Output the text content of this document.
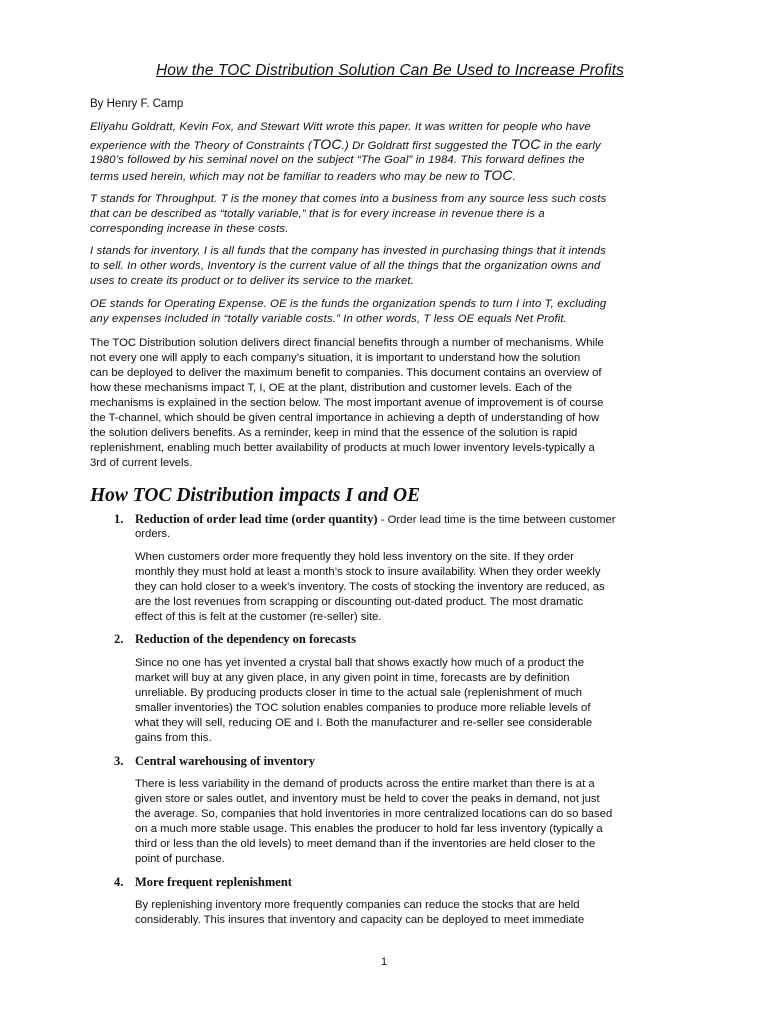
How the TOC Distribution Solution Can Be Used to Increase Profits
By Henry F. Camp
Eliyahu Goldratt, Kevin Fox, and Stewart Witt wrote this paper. It was written for people who have
experience with the Theory of Constraints (TOC.) Dr Goldratt first suggested the TOC in the early
1980’s followed by his seminal novel on the subject “The Goal” in 1984. This forward defines the
terms used herein, which may not be familiar to readers who may be new to TOC.
T stands for Throughput. T is the money that comes into a business from any source less such costs
that can be described as “totally variable,” that is for every increase in revenue there is a
corresponding increase in these costs.
I stands for inventory. I is all funds that the company has invested in purchasing things that it intends
to sell. In other words, Inventory is the current value of all the things that the organization owns and
uses to create its product or to deliver its service to the market.
OE stands for Operating Expense. OE is the funds the organization spends to turn I into T, excluding
any expenses included in “totally variable costs.” In other words, T less OE equals Net Profit.
The TOC Distribution solution delivers direct financial benefits through a number of mechanisms. While
not every one will apply to each company’s situation, it is important to understand how the solution
can be deployed to deliver the maximum benefit to companies. This document contains an overview of
how these mechanisms impact T, I, OE at the plant, distribution and customer levels. Each of the
mechanisms is explained in the section below. The most important avenue of improvement is of course
the T-channel, which should be given central importance in achieving a depth of understanding of how
the solution delivers benefits. As a reminder, keep in mind that the essence of the solution is rapid
replenishment, enabling much better availability of products at much lower inventory levels-typically a
3rd of current levels.
How TOC Distribution impacts I and OE
1. Reduction of order lead time (order quantity) - Order lead time is the time between customer
orders.
When customers order more frequently they hold less inventory on the site. If they order
monthly they must hold at least a month’s stock to insure availability. When they order weekly
they can hold closer to a week’s inventory. The costs of stocking the inventory are reduced, as
are the lost revenues from scrapping or discounting out-dated product. The most dramatic
effect of this is felt at the customer (re-seller) site.
2. Reduction of the dependency on forecasts
Since no one has yet invented a crystal ball that shows exactly how much of a product the
market will buy at any given place, in any given point in time, forecasts are by definition
unreliable. By producing products closer in time to the actual sale (replenishment of much
smaller inventories) the TOC solution enables companies to produce more reliable levels of
what they will sell, reducing OE and I. Both the manufacturer and re-seller see considerable
gains from this.
3. Central warehousing of inventory
There is less variability in the demand of products across the entire market than there is at a
given store or sales outlet, and inventory must be held to cover the peaks in demand, not just
the average. So, companies that hold inventories in more centralized locations can do so based
on a much more stable usage. This enables the producer to hold far less inventory (typically a
third or less than the old levels) to meet demand than if the inventories are held closer to the
point of purchase.
4. More frequent replenishment
By replenishing inventory more frequently companies can reduce the stocks that are held
considerably. This insures that inventory and capacity can be deployed to meet immediate
1
